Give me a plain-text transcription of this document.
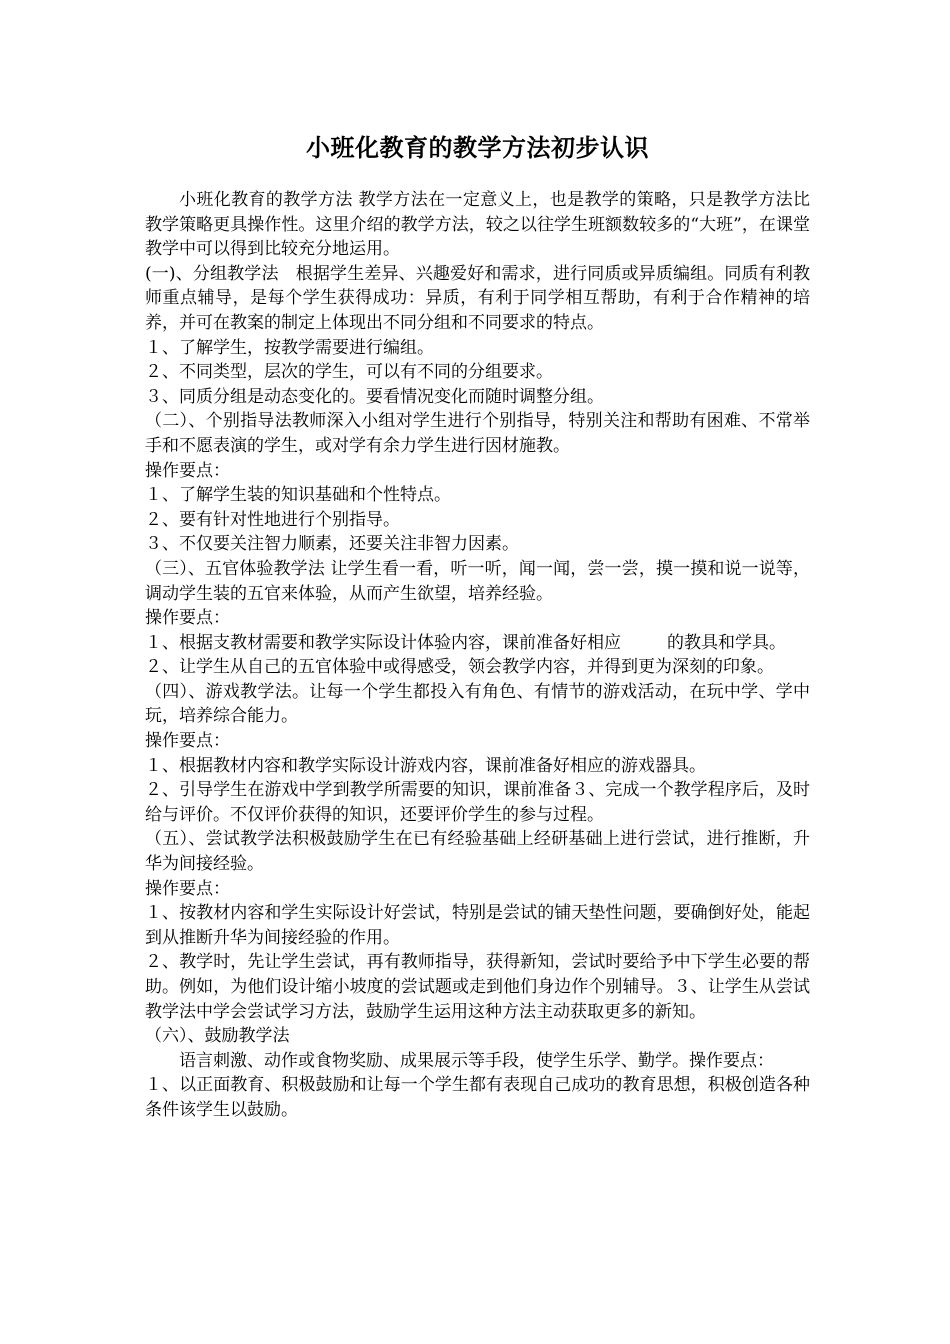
小班化教育的教学方法初步认识

小班化教育的教学方法 教学方法在一定意义上，也是教学的策略，只是教学方法比教学策略更具操作性。这里介绍的教学方法，较之以往学生班额数较多的“大班”，在课堂教学中可以得到比较充分地运用。

(一)、分组教学法　根据学生差异、兴趣爱好和需求，进行同质或异质编组。同质有利教师重点辅导，是每个学生获得成功：异质，有利于同学相互帮助，有利于合作精神的培养，并可在教案的制定上体现出不同分组和不同要求的特点。

１、了解学生，按教学需要进行编组。

２、不同类型，层次的学生，可以有不同的分组要求。

３、同质分组是动态变化的。要看情况变化而随时调整分组。

（二）、个别指导法教师深入小组对学生进行个别指导，特别关注和帮助有困难、不常举手和不愿表演的学生，或对学有余力学生进行因材施教。

操作要点：

１、了解学生装的知识基础和个性特点。

２、要有针对性地进行个别指导。

３、不仅要关注智力顺素，还要关注非智力因素。

（三）、五官体验教学法 让学生看一看，听一听，闻一闻，尝一尝，摸一摸和说一说等，调动学生装的五官来体验，从而产生欲望，培养经验。

操作要点：

１、根据支教材需要和教学实际设计体验内容，课前准备好相应	的教具和学具。

２、让学生从自己的五官体验中或得感受，领会教学内容，并得到更为深刻的印象。

（四）、游戏教学法。让每一个学生都投入有角色、有情节的游戏活动，在玩中学、学中玩，培养综合能力。

操作要点：

１、根据教材内容和教学实际设计游戏内容，课前准备好相应的游戏器具。

２、引导学生在游戏中学到教学所需要的知识，课前准备３、完成一个教学程序后，及时给与评价。不仅评价获得的知识，还要评价学生的参与过程。

（五）、尝试教学法积极鼓励学生在已有经验基础上经研基础上进行尝试，进行推断，升华为间接经验。

操作要点：

１、按教材内容和学生实际设计好尝试，特别是尝试的铺天垫性问题，要确倒好处，能起到从推断升华为间接经验的作用。

２、教学时，先让学生尝试，再有教师指导，获得新知，尝试时要给予中下学生必要的帮助。例如，为他们设计缩小坡度的尝试题或走到他们身边作个别辅导。３、让学生从尝试教学法中学会尝试学习方法，鼓励学生运用这种方法主动获取更多的新知。

（六）、鼓励教学法

语言刺激、动作或食物奖励、成果展示等手段，使学生乐学、勤学。操作要点：

１、以正面教育、积极鼓励和让每一个学生都有表现自己成功的教育思想，积极创造各种条件该学生以鼓励。
